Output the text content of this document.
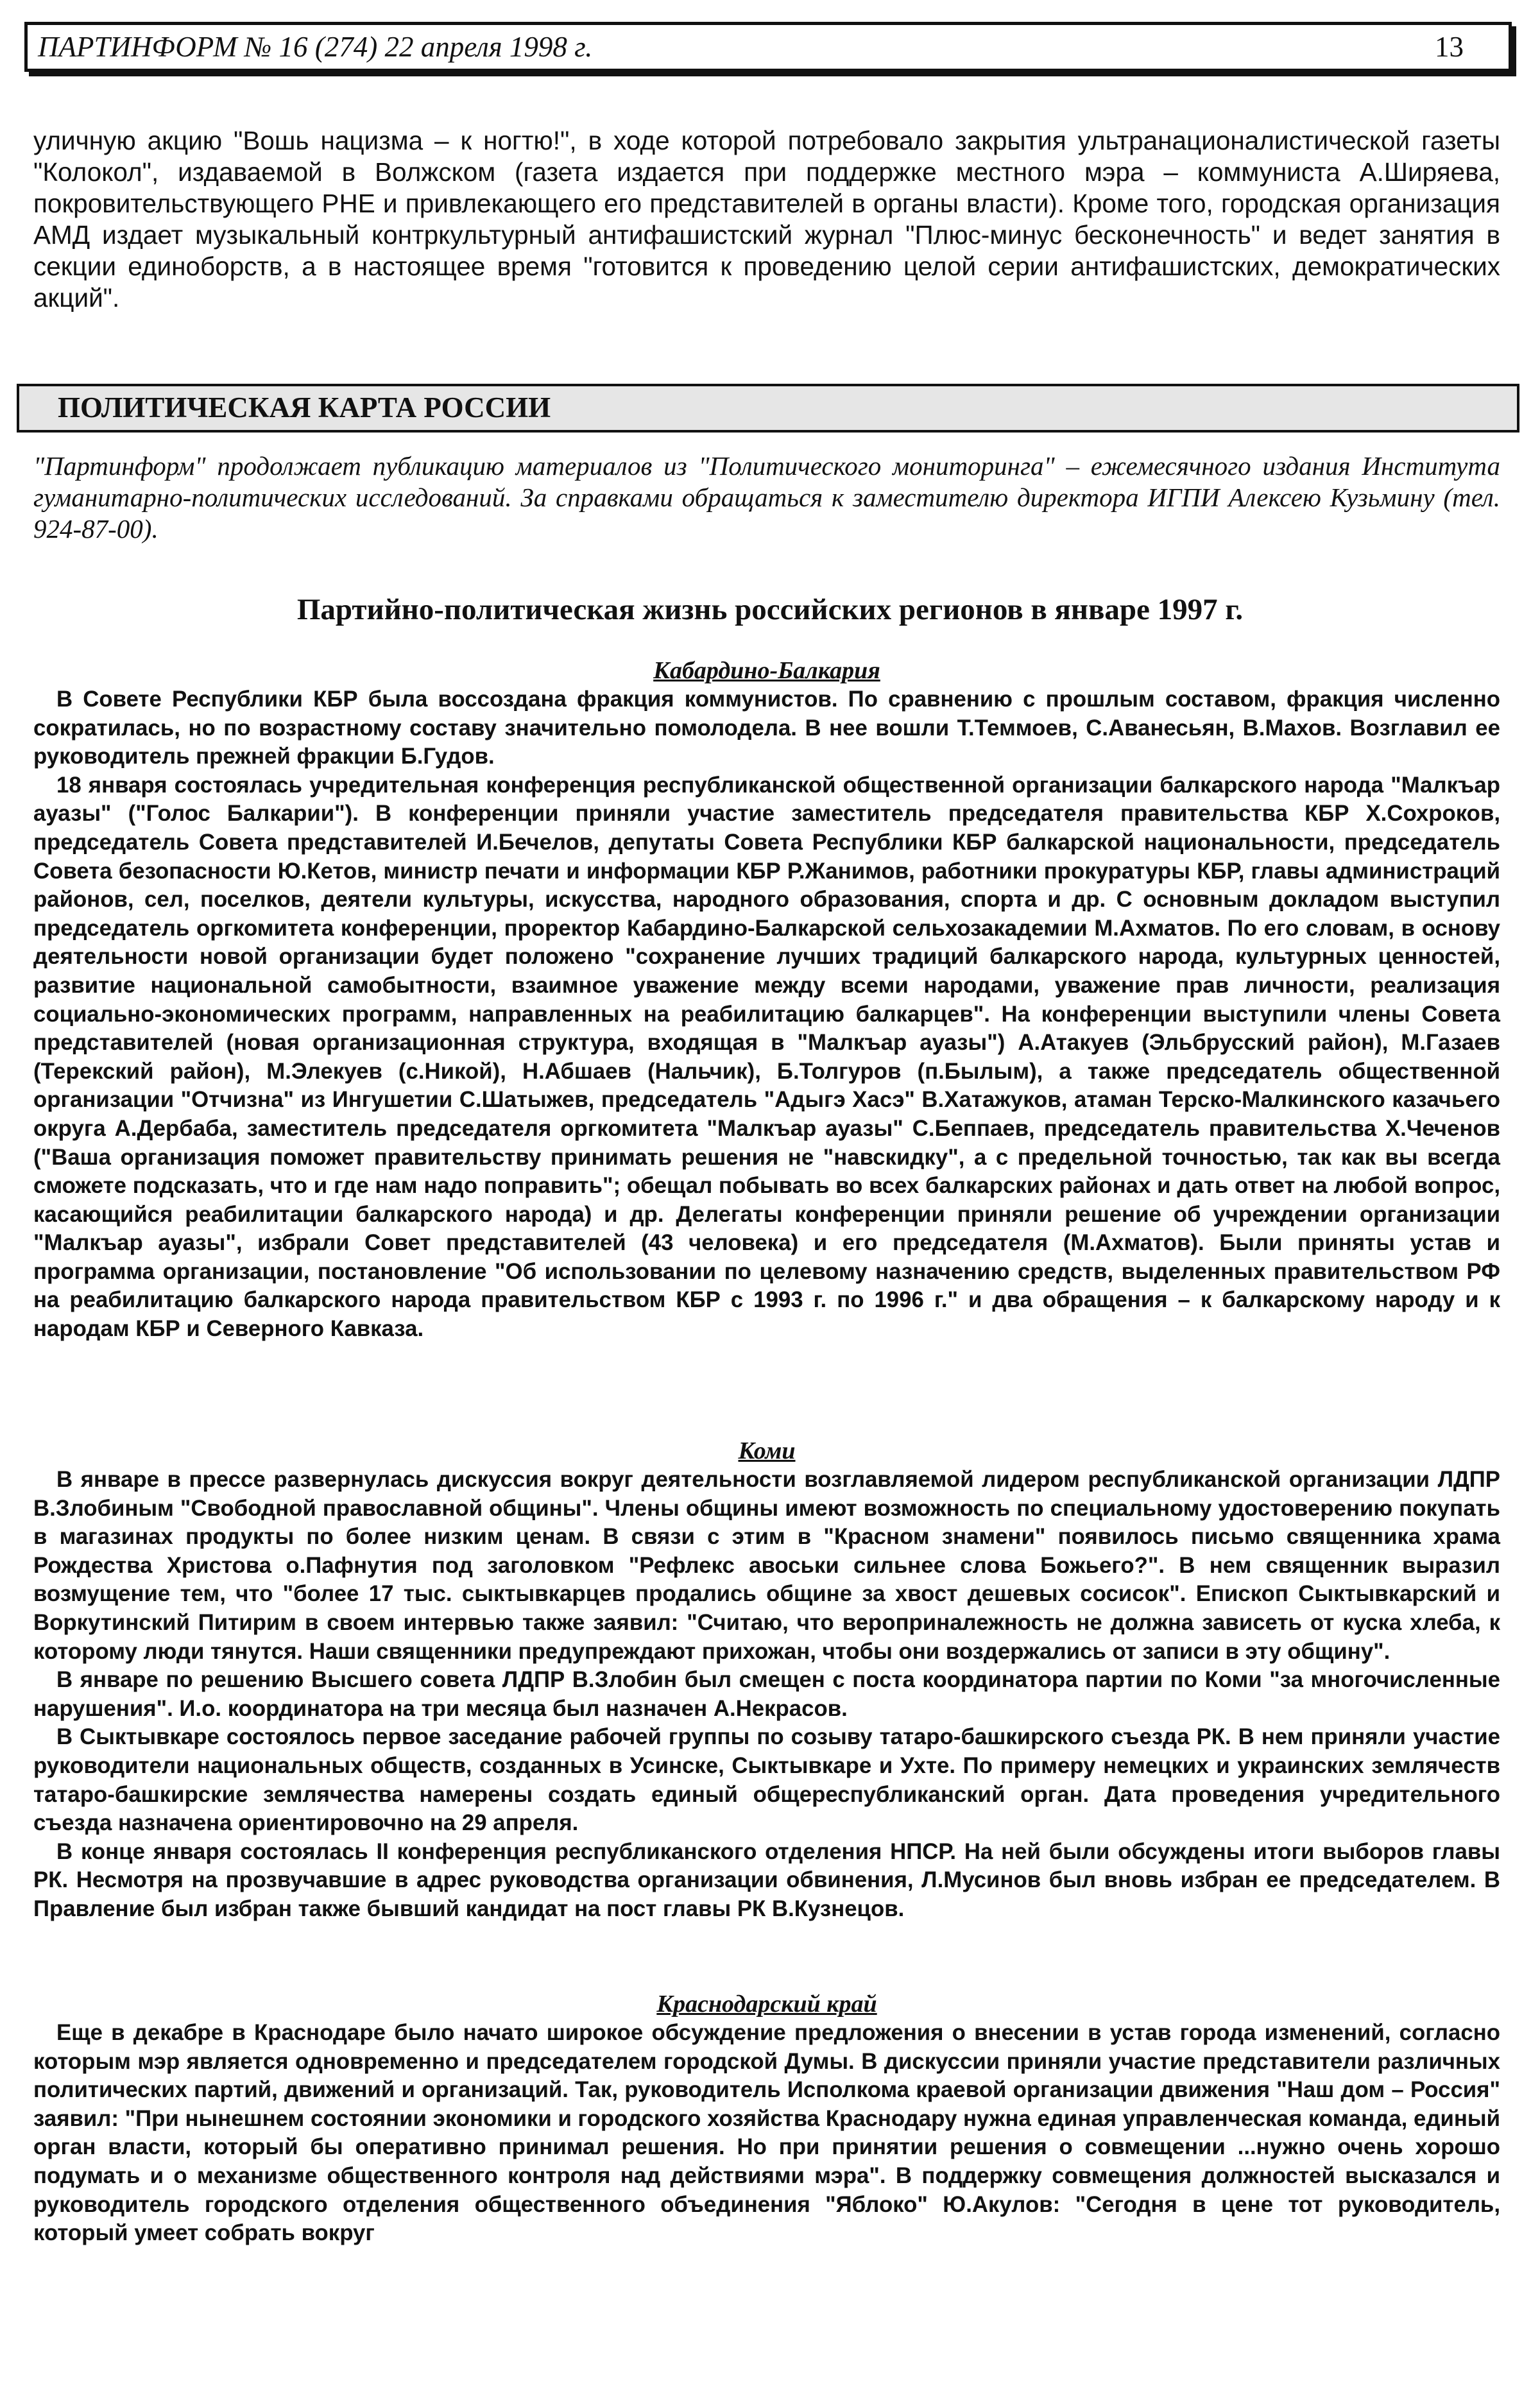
ПАРТИНФОРМ № 16 (274) 22 апреля 1998 г.	13

уличную акцию "Вошь нацизма – к ногтю!", в ходе которой потребовало закрытия ультранационалистической газеты "Колокол", издаваемой в Волжском (газета издается при поддержке местного мэра – коммуниста А.Ширяева, покровительствующего РНЕ и привлекающего его представителей в органы власти). Кроме того, городская организация АМД издает музыкальный контркультурный антифашистский журнал "Плюс-минус бесконечность" и ведет занятия в секции единоборств, а в настоящее время "готовится к проведению целой серии антифашистских, демократических акций".

ПОЛИТИЧЕСКАЯ КАРТА РОССИИ

"Партинформ" продолжает публикацию материалов из "Политического мониторинга" – ежемесячного издания Института гуманитарно-политических исследований. За справками обращаться к заместителю директора ИГПИ Алексею Кузьмину (тел. 924-87-00).

Партийно-политическая жизнь российских регионов в январе 1997 г.
Кабардино-Балкария

В Совете Республики КБР была воссоздана фракция коммунистов. По сравнению с прошлым составом, фракция численно сократилась, но по возрастному составу значительно помолодела. В нее вошли Т.Теммоев, С.Аванесьян, В.Махов. Возглавил ее руководитель прежней фракции Б.Гудов.

18 января состоялась учредительная конференция республиканской общественной организации балкарского народа "Малкъар ауазы" ("Голос Балкарии"). В конференции приняли участие заместитель председателя правительства КБР Х.Сохроков, председатель Совета представителей И.Бечелов, депутаты Совета Республики КБР балкарской национальности, председатель Совета безопасности Ю.Кетов, министр печати и информации КБР Р.Жанимов, работники прокуратуры КБР, главы администраций районов, сел, поселков, деятели культуры, искусства, народного образования, спорта и др. С основным докладом выступил председатель оргкомитета конференции, проректор Кабардино-Балкарской сельхозакадемии М.Ахматов. По его словам, в основу деятельности новой организации будет положено "сохранение лучших традиций балкарского народа, культурных ценностей, развитие национальной самобытности, взаимное уважение между всеми народами, уважение прав личности, реализация социально-экономических программ, направленных на реабилитацию балкарцев". На конференции выступили члены Совета представителей (новая организационная структура, входящая в "Малкъар ауазы") А.Атакуев (Эльбрусский район), М.Газаев (Терекский район), М.Элекуев (с.Никой), Н.Абшаев (Нальчик), Б.Толгуров (п.Былым), а также председатель общественной организации "Отчизна" из Ингушетии С.Шатыжев, председатель "Адыгэ Хасэ" В.Хатажуков, атаман Терско-Малкинского казачьего округа А.Дербаба, заместитель председателя оргкомитета "Малкъар ауазы" С.Беппаев, председатель правительства Х.Чеченов ("Ваша организация поможет правительству принимать решения не "навскидку", а с предельной точностью, так как вы всегда сможете подсказать, что и где нам надо поправить"; обещал побывать во всех балкарских районах и дать ответ на любой вопрос, касающийся реабилитации балкарского народа) и др. Делегаты конференции приняли решение об учреждении организации "Малкъар ауазы", избрали Совет представителей (43 человека) и его председателя (М.Ахматов). Были приняты устав и программа организации, постановление "Об использовании по целевому назначению средств, выделенных правительством РФ на реабилитацию балкарского народа правительством КБР с 1993 г. по 1996 г." и два обращения – к балкарскому народу и к народам КБР и Северного Кавказа.

Коми

В январе в прессе развернулась дискуссия вокруг деятельности возглавляемой лидером республиканской организации ЛДПР В.Злобиным "Свободной православной общины". Члены общины имеют возможность по специальному удостоверению покупать в магазинах продукты по более низким ценам. В связи с этим в "Красном знамени" появилось письмо священника храма Рождества Христова о.Пафнутия под заголовком "Рефлекс авоськи сильнее слова Божьего?". В нем священник выразил возмущение тем, что "более 17 тыс. сыктывкарцев продались общине за хвост дешевых сосисок". Епископ Сыктывкарский и Воркутинский Питирим в своем интервью также заявил: "Считаю, что вероприналежность не должна зависеть от куска хлеба, к которому люди тянутся. Наши священники предупреждают прихожан, чтобы они воздержались от записи в эту общину".

В январе по решению Высшего совета ЛДПР В.Злобин был смещен с поста координатора партии по Коми "за многочисленные нарушения". И.о. координатора на три месяца был назначен А.Некрасов.

В Сыктывкаре состоялось первое заседание рабочей группы по созыву татаро-башкирского съезда РК. В нем приняли участие руководители национальных обществ, созданных в Усинске, Сыктывкаре и Ухте. По примеру немецких и украинских землячеств татаро-башкирские землячества намерены создать единый общереспубликанский орган. Дата проведения учредительного съезда назначена ориентировочно на 29 апреля.

В конце января состоялась II конференция республиканского отделения НПСР. На ней были обсуждены итоги выборов главы РК. Несмотря на прозвучавшие в адрес руководства организации обвинения, Л.Мусинов был вновь избран ее председателем. В Правление был избран также бывший кандидат на пост главы РК В.Кузнецов.

Краснодарский край

Еще в декабре в Краснодаре было начато широкое обсуждение предложения о внесении в устав города изменений, согласно которым мэр является одновременно и председателем городской Думы. В дискуссии приняли участие представители различных политических партий, движений и организаций. Так, руководитель Исполкома краевой организации движения "Наш дом – Россия" заявил: "При нынешнем состоянии экономики и городского хозяйства Краснодару нужна единая управленческая команда, единый орган власти, который бы оперативно принимал решения. Но при принятии решения о совмещении ...нужно очень хорошо подумать и о механизме общественного контроля над действиями мэра". В поддержку совмещения должностей высказался и руководитель городского отделения общественного объединения "Яблоко" Ю.Акулов: "Сегодня в цене тот руководитель, который умеет собрать вокруг
